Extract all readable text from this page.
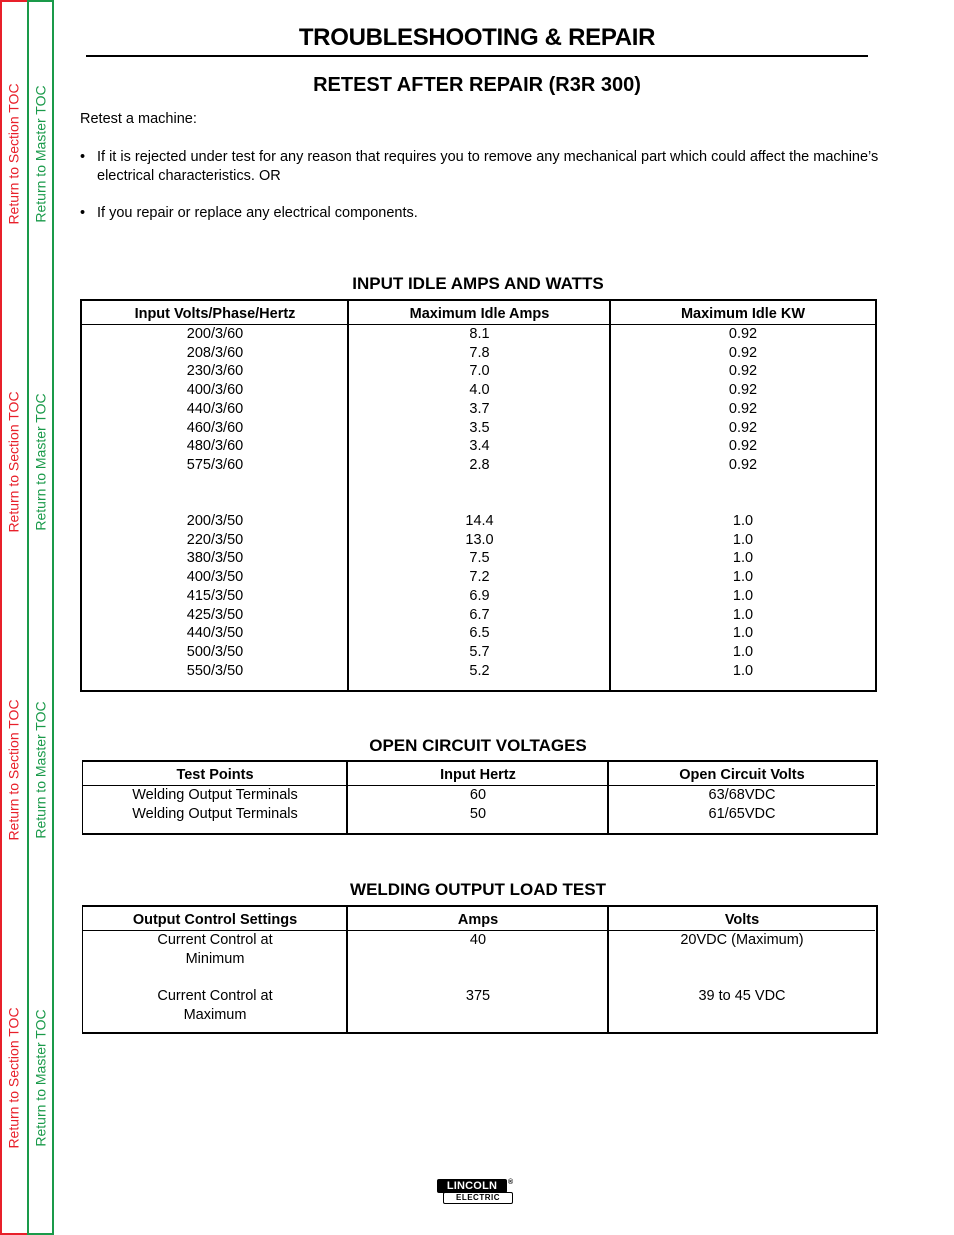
Return to Section TOC Return to Master TOC
Return to Section TOC Return to Master TOC
Return to Section TOC Return to Master TOC
Return to Section TOC Return to Master TOC
TROUBLESHOOTING & REPAIR
RETEST AFTER REPAIR (R3R 300)
Retest a machine:
• If it is rejected under test for any reason that requires you to remove any mechanical part which could affect the machine’s electrical characteristics. OR
• If you repair or replace any electrical components.
INPUT IDLE AMPS AND WATTS
Input Volts/Phase/Hertz
200/3/60
208/3/60
230/3/60
400/3/60
440/3/60
460/3/60
480/3/60
575/3/60
200/3/50
220/3/50
380/3/50
400/3/50
415/3/50
425/3/50
440/3/50
500/3/50
550/3/50
Maximum Idle Amps
8.1
7.8
7.0
4.0
3.7
3.5
3.4
2.8
14.4
13.0
7.5
7.2
6.9
6.7
6.5
5.7
5.2
Maximum Idle KW
0.92
0.92
0.92
0.92
0.92
0.92
0.92
0.92
1.0
1.0
1.0
1.0
1.0
1.0
1.0
1.0
1.0
OPEN CIRCUIT VOLTAGES
Test Points
Welding Output Terminals
Welding Output Terminals
Input Hertz
60
50
Open Circuit Volts
63/68VDC
61/65VDC
WELDING OUTPUT LOAD TEST
Output Control Settings
Current Control at
Minimum

Current Control at
Maximum
Amps
40

375

Volts
20VDC (Maximum)

39 to 45 VDC

LINCOLN
ELECTRIC
®
